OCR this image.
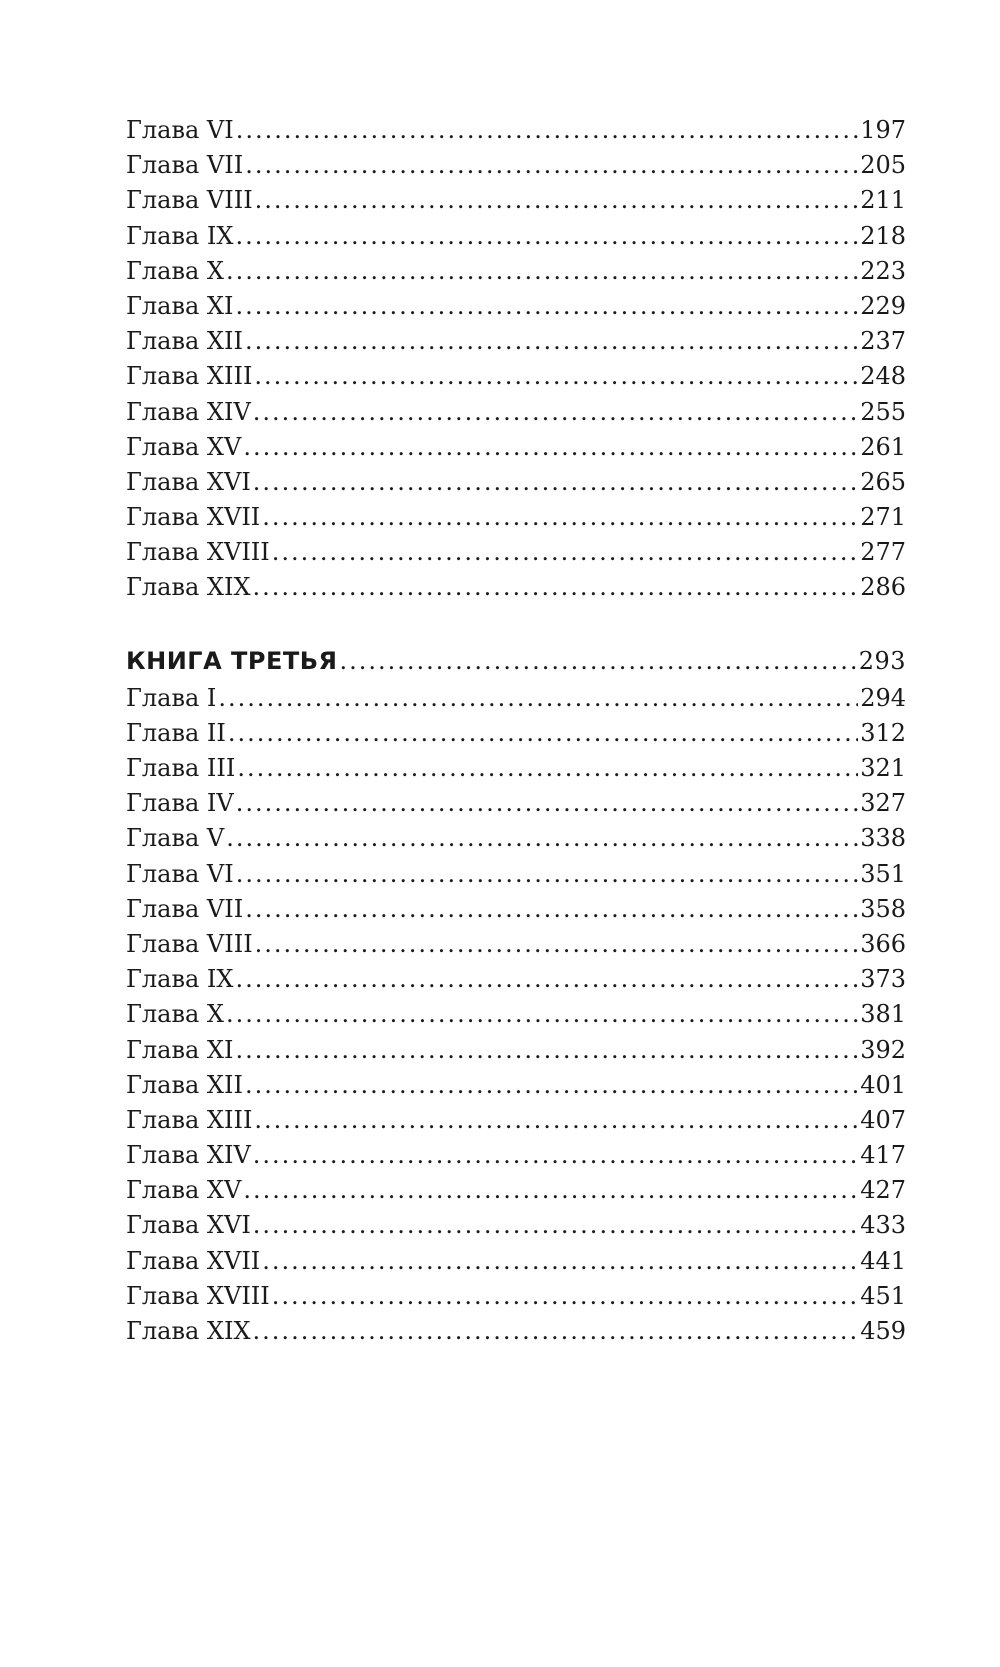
Глава VI .....	197
Глава VII .....	205
Глава VIII .....	211
Глава IX .....	218
Глава X .....	223
Глава XI .....	229
Глава XII .....	237
Глава XIII .....	248
Глава XIV .....	255
Глава XV .....	261
Глава XVI .....	265
Глава XVII .....	271
Глава XVIII .....	277
Глава XIX .....	286
КНИГА ТРЕТЬЯ .....	293
Глава I .....	294
Глава II .....	312
Глава III .....	321
Глава IV .....	327
Глава V .....	338
Глава VI .....	351
Глава VII .....	358
Глава VIII .....	366
Глава IX .....	373
Глава X .....	381
Глава XI .....	392
Глава XII .....	401
Глава XIII .....	407
Глава XIV .....	417
Глава XV .....	427
Глава XVI .....	433
Глава XVII .....	441
Глава XVIII .....	451
Глава XIX .....	459
